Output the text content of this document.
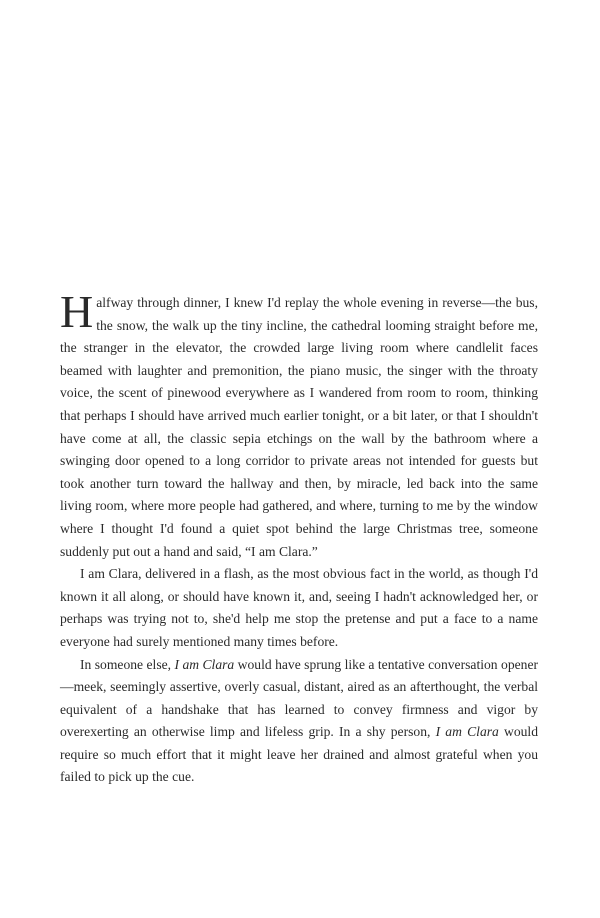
Halfway through dinner, I knew I'd replay the whole evening in reverse—the bus, the snow, the walk up the tiny incline, the cathedral looming straight before me, the stranger in the elevator, the crowded large living room where candlelit faces beamed with laughter and premonition, the piano music, the singer with the throaty voice, the scent of pinewood everywhere as I wandered from room to room, thinking that perhaps I should have arrived much earlier tonight, or a bit later, or that I shouldn't have come at all, the classic sepia etchings on the wall by the bathroom where a swinging door opened to a long corridor to private areas not intended for guests but took another turn toward the hallway and then, by miracle, led back into the same living room, where more people had gathered, and where, turning to me by the window where I thought I'd found a quiet spot behind the large Christmas tree, someone suddenly put out a hand and said, “I am Clara.”

I am Clara, delivered in a flash, as the most obvious fact in the world, as though I'd known it all along, or should have known it, and, seeing I hadn't acknowledged her, or perhaps was trying not to, she'd help me stop the pretense and put a face to a name everyone had surely mentioned many times before.

In someone else, I am Clara would have sprung like a tentative conversation opener—meek, seemingly assertive, overly casual, distant, aired as an afterthought, the verbal equivalent of a handshake that has learned to convey firmness and vigor by overexerting an otherwise limp and lifeless grip. In a shy person, I am Clara would require so much effort that it might leave her drained and almost grateful when you failed to pick up the cue.
